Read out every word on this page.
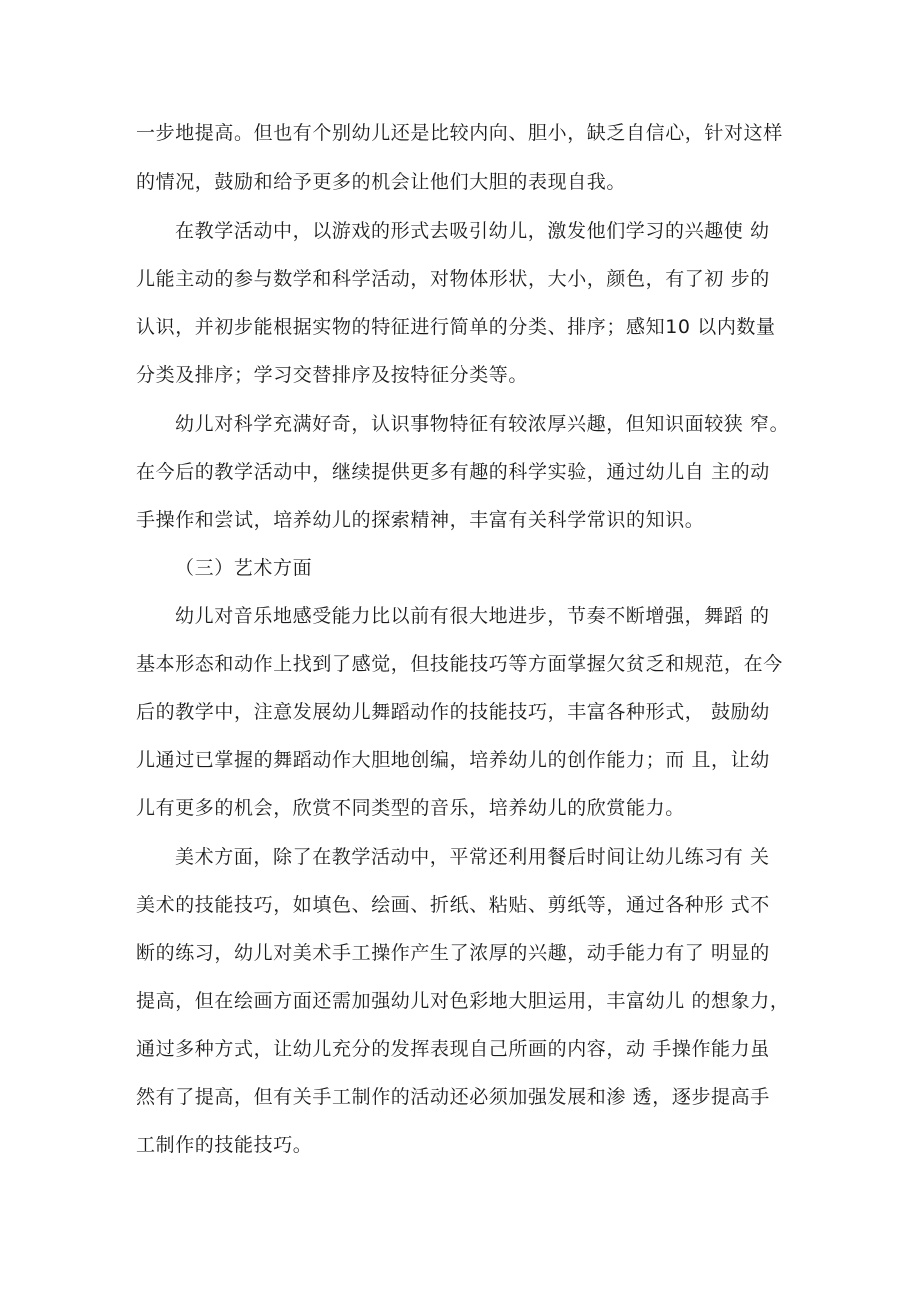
一步地提高。但也有个别幼儿还是比较内向、胆小，缺乏自信心，针对这样
的情况，鼓励和给予更多的机会让他们大胆的表现自我。
在教学活动中，以游戏的形式去吸引幼儿，激发他们学习的兴趣使 幼
儿能主动的参与数学和科学活动，对物体形状，大小，颜色，有了初 步的
认识，并初步能根据实物的特征进行简单的分类、排序；感知10 以内数量
分类及排序；学习交替排序及按特征分类等。
幼儿对科学充满好奇，认识事物特征有较浓厚兴趣，但知识面较狭 窄。
在今后的教学活动中，继续提供更多有趣的科学实验，通过幼儿自 主的动
手操作和尝试，培养幼儿的探索精神，丰富有关科学常识的知识。
（三）艺术方面
幼儿对音乐地感受能力比以前有很大地进步，节奏不断增强，舞蹈 的
基本形态和动作上找到了感觉，但技能技巧等方面掌握欠贫乏和规范，在今
后的教学中，注意发展幼儿舞蹈动作的技能技巧，丰富各种形式， 鼓励幼
儿通过已掌握的舞蹈动作大胆地创编，培养幼儿的创作能力；而 且，让幼
儿有更多的机会，欣赏不同类型的音乐，培养幼儿的欣赏能力。
美术方面，除了在教学活动中，平常还利用餐后时间让幼儿练习有 关
美术的技能技巧，如填色、绘画、折纸、粘贴、剪纸等，通过各种形 式不
断的练习，幼儿对美术手工操作产生了浓厚的兴趣，动手能力有了 明显的
提高，但在绘画方面还需加强幼儿对色彩地大胆运用，丰富幼儿 的想象力，
通过多种方式，让幼儿充分的发挥表现自己所画的内容，动 手操作能力虽
然有了提高，但有关手工制作的活动还必须加强发展和渗 透，逐步提高手
工制作的技能技巧。
